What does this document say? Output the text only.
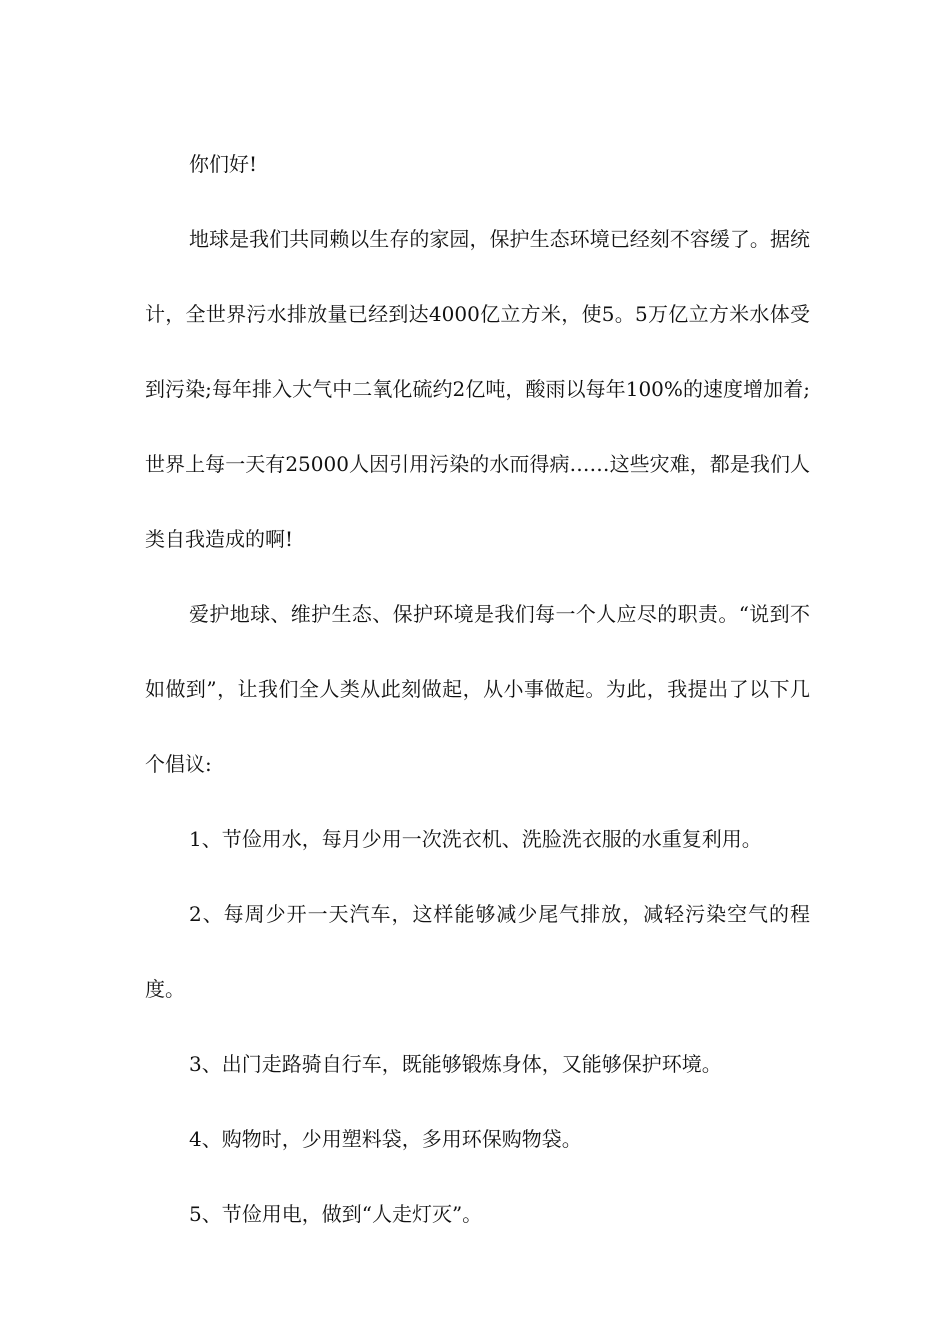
你们好!

地球是我们共同赖以生存的家园，保护生态环境已经刻不容缓了。据统计，全世界污水排放量已经到达4000亿立方米，使5。5万亿立方米水体受到污染;每年排入大气中二氧化硫约2亿吨，酸雨以每年100%的速度增加着;世界上每一天有25000人因引用污染的水而得病……这些灾难，都是我们人类自我造成的啊!

爱护地球、维护生态、保护环境是我们每一个人应尽的职责。“说到不如做到”，让我们全人类从此刻做起，从小事做起。为此，我提出了以下几个倡议:

1、节俭用水，每月少用一次洗衣机、洗脸洗衣服的水重复利用。

2、每周少开一天汽车，这样能够减少尾气排放，减轻污染空气的程度。

3、出门走路骑自行车，既能够锻炼身体，又能够保护环境。

4、购物时，少用塑料袋，多用环保购物袋。

5、节俭用电，做到“人走灯灭”。
